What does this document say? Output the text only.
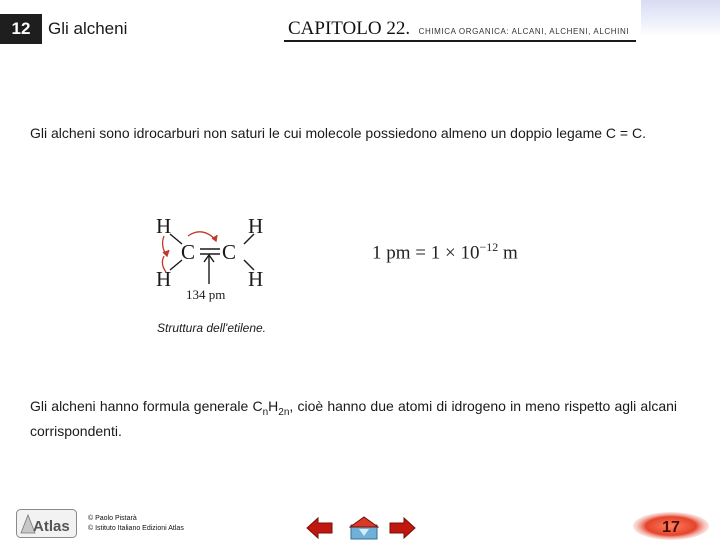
12	Gli alcheni	CAPITOLO 22. CHIMICA ORGANICA: ALCANI, ALCHENI, ALCHINI
Gli alcheni sono idrocarburi non saturi le cui molecole possiedono almeno un doppio legame C = C.
H	H
C C
H	H
134 pm
Struttura dell'etilene.
1 pm = $1 \times 10^{-12}$ m
Gli alcheni hanno formula generale $C_nH_{2n}$, cioè hanno due atomi di idrogeno in meno rispetto agli alcani corrispondenti.
Atlas	© Paolo Pistarà
© Istituto Italiano Edizioni Atlas	17
